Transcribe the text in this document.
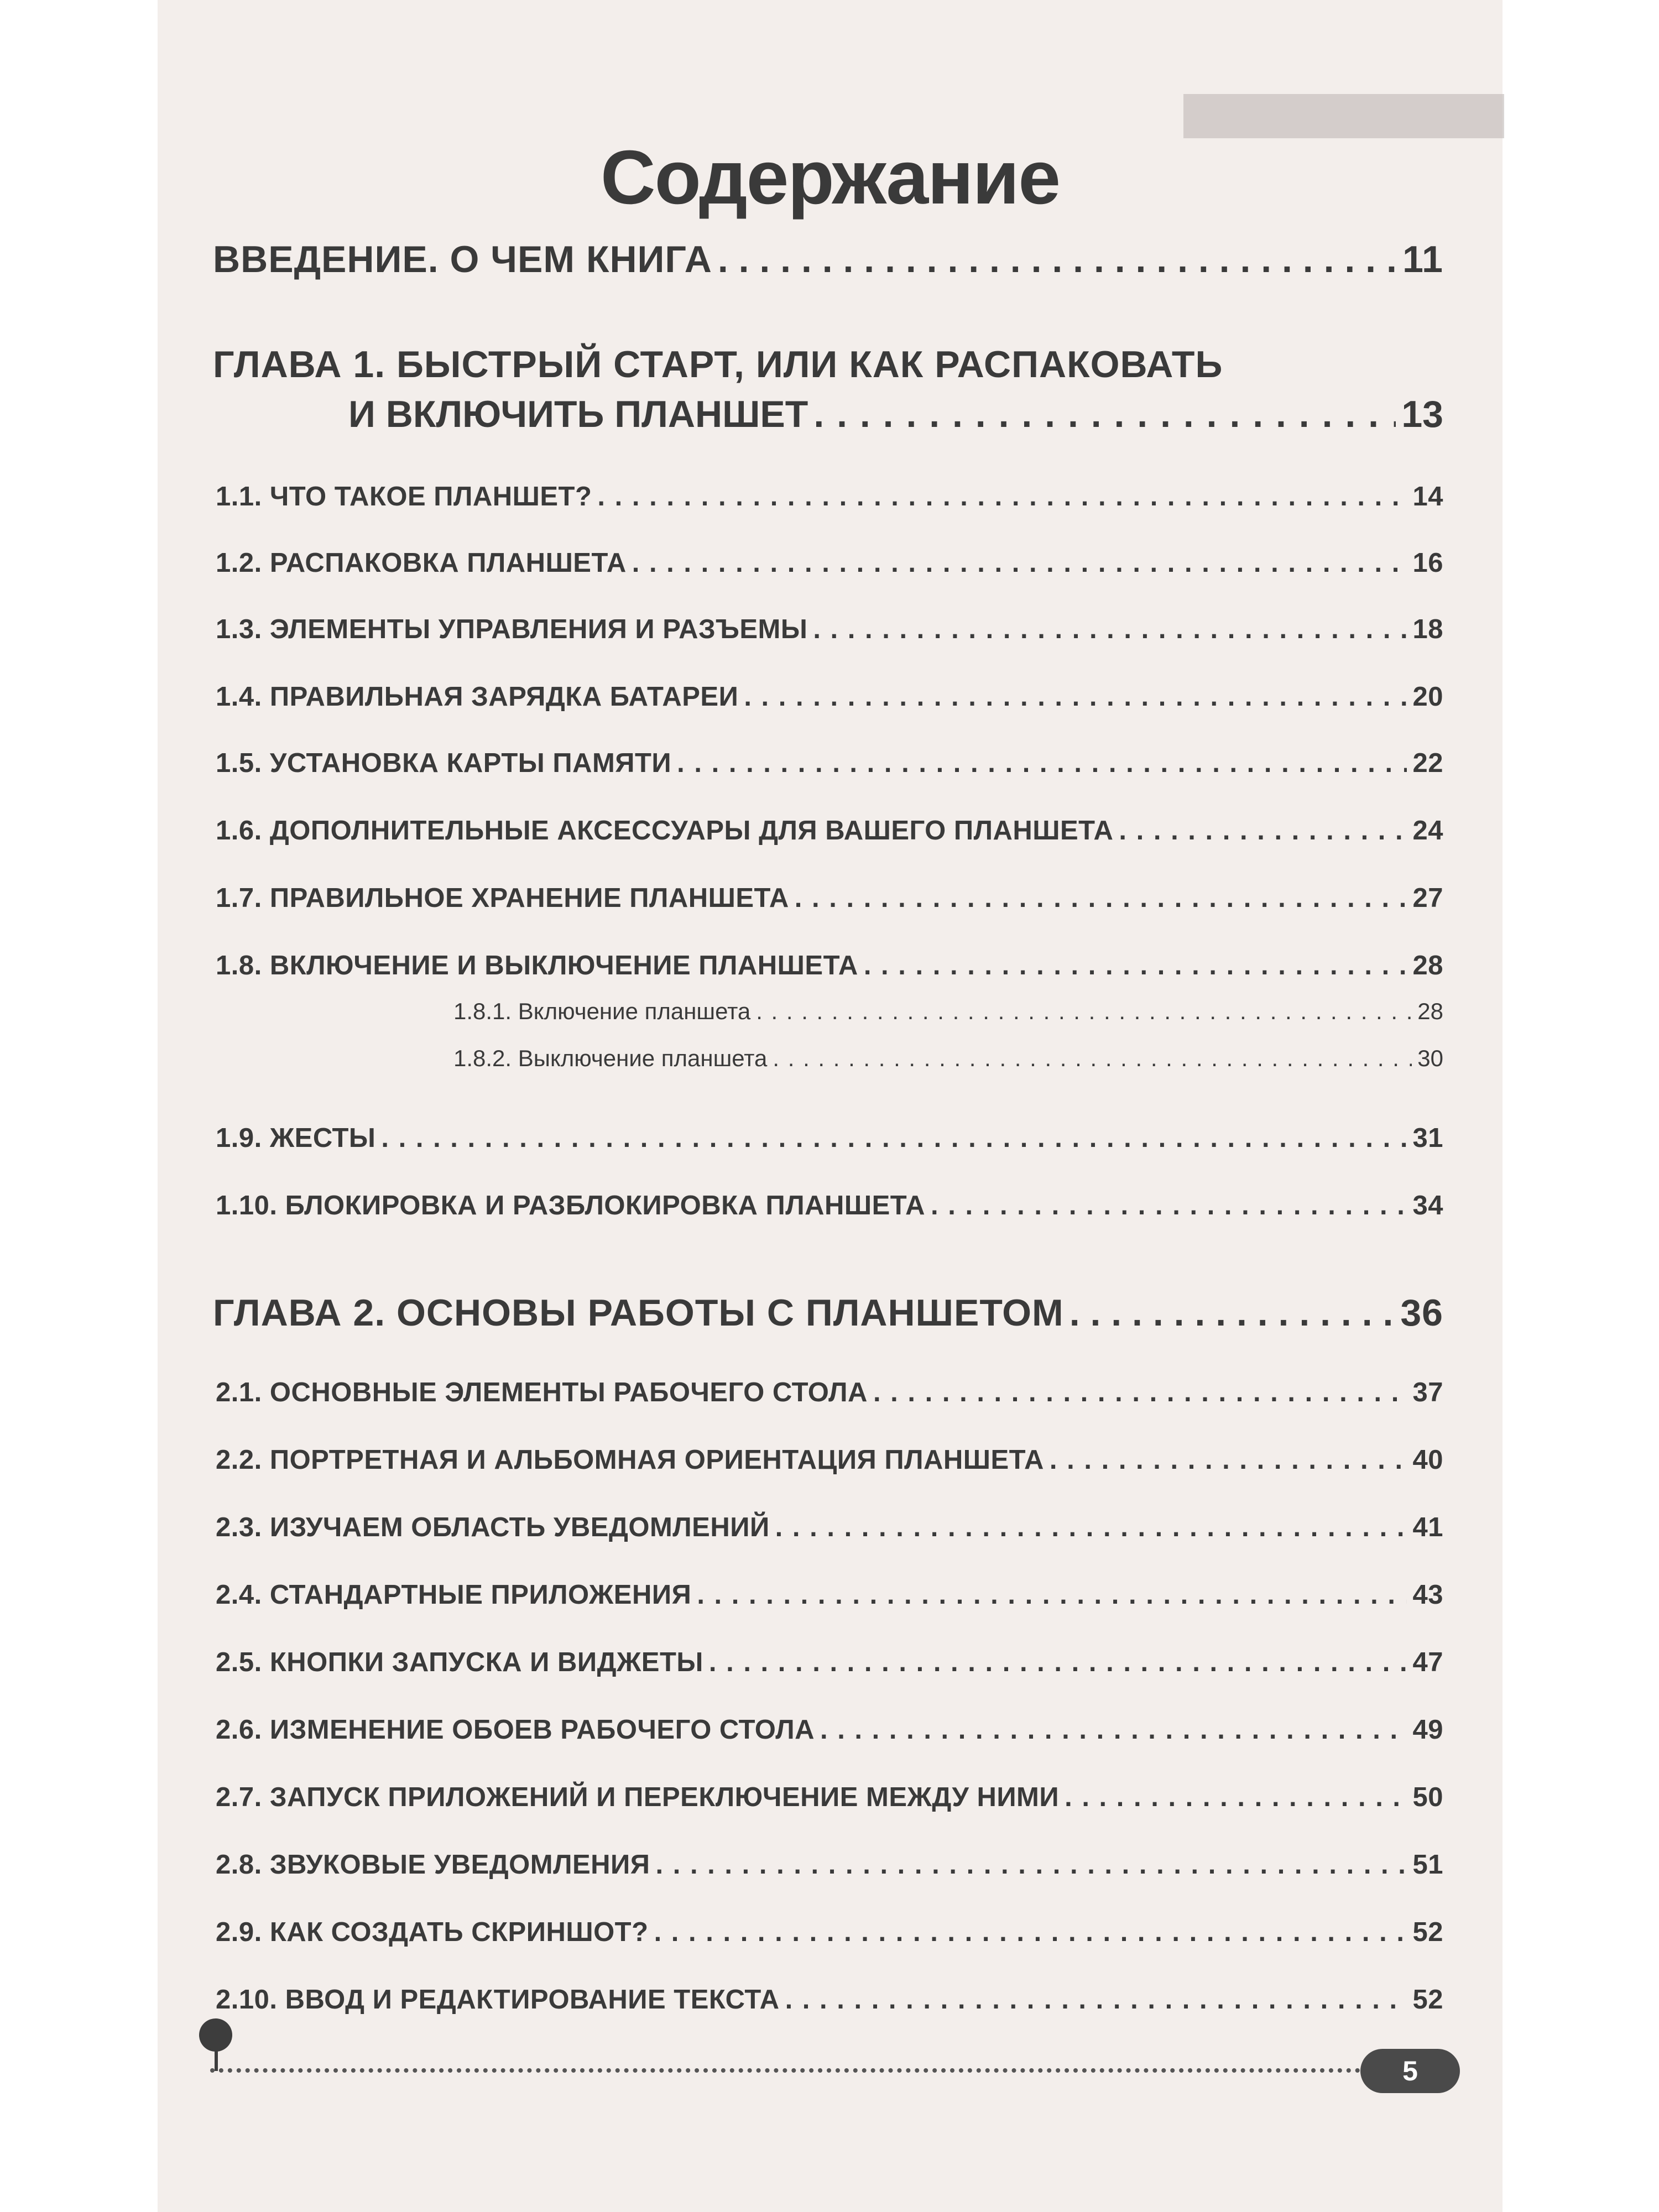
Содержание
ВВЕДЕНИЕ. О ЧЕМ КНИГА . . .	11
ГЛАВА 1. БЫСТРЫЙ СТАРТ, ИЛИ КАК РАСПАКОВАТЬ
И ВКЛЮЧИТЬ ПЛАНШЕТ . . .	13
1.1. ЧТО ТАКОЕ ПЛАНШЕТ? . . .	14
1.2. РАСПАКОВКА ПЛАНШЕТА . . .	16
1.3. ЭЛЕМЕНТЫ УПРАВЛЕНИЯ И РАЗЪЕМЫ . . .	18
1.4. ПРАВИЛЬНАЯ ЗАРЯДКА БАТАРЕИ . . .	20
1.5. УСТАНОВКА КАРТЫ ПАМЯТИ . . .	22
1.6. ДОПОЛНИТЕЛЬНЫЕ АКСЕССУАРЫ ДЛЯ ВАШЕГО ПЛАНШЕТА . . .	24
1.7. ПРАВИЛЬНОЕ ХРАНЕНИЕ ПЛАНШЕТА . . .	27
1.8. ВКЛЮЧЕНИЕ И ВЫКЛЮЧЕНИЕ ПЛАНШЕТА . . .	28
1.8.1. Включение планшета . . .	28
1.8.2. Выключение планшета . . .	30
1.9. ЖЕСТЫ . . .	31
1.10. БЛОКИРОВКА И РАЗБЛОКИРОВКА ПЛАНШЕТА . . .	34
ГЛАВА 2. ОСНОВЫ РАБОТЫ С ПЛАНШЕТОМ . . .	36
2.1. ОСНОВНЫЕ ЭЛЕМЕНТЫ РАБОЧЕГО СТОЛА . . .	37
2.2. ПОРТРЕТНАЯ И АЛЬБОМНАЯ ОРИЕНТАЦИЯ ПЛАНШЕТА . . .	40
2.3. ИЗУЧАЕМ ОБЛАСТЬ УВЕДОМЛЕНИЙ . . .	41
2.4. СТАНДАРТНЫЕ ПРИЛОЖЕНИЯ . . .	43
2.5. КНОПКИ ЗАПУСКА И ВИДЖЕТЫ . . .	47
2.6. ИЗМЕНЕНИЕ ОБОЕВ РАБОЧЕГО СТОЛА . . .	49
2.7. ЗАПУСК ПРИЛОЖЕНИЙ И ПЕРЕКЛЮЧЕНИЕ МЕЖДУ НИМИ . . .	50
2.8. ЗВУКОВЫЕ УВЕДОМЛЕНИЯ . . .	51
2.9. КАК СОЗДАТЬ СКРИНШОТ? . . .	52
2.10. ВВОД И РЕДАКТИРОВАНИЕ ТЕКСТА . . .	52
5
